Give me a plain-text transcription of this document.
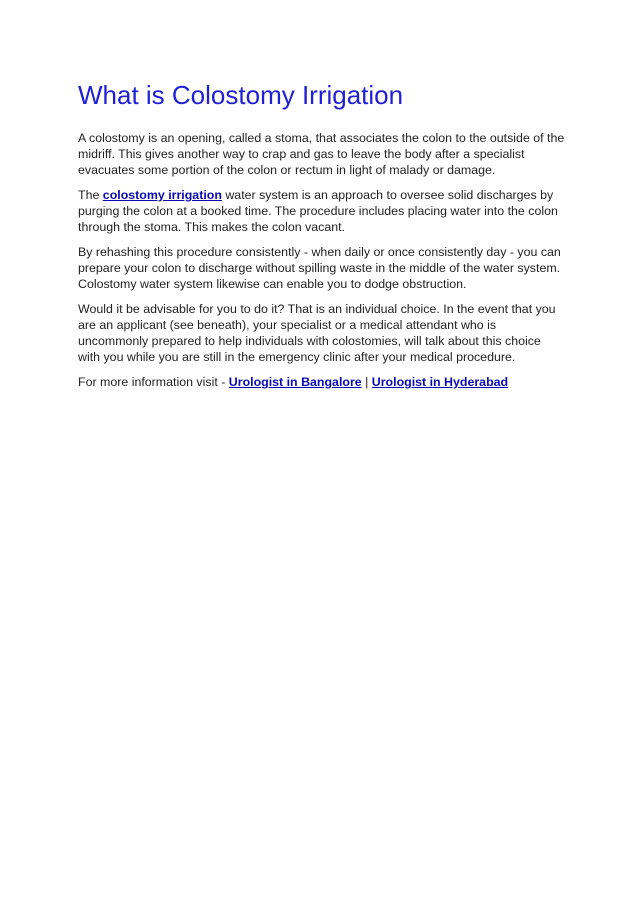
What is Colostomy Irrigation

A colostomy is an opening, called a stoma, that associates the colon to the outside of the midriff. This gives another way to crap and gas to leave the body after a specialist evacuates some portion of the colon or rectum in light of malady or damage.

The colostomy irrigation water system is an approach to oversee solid discharges by purging the colon at a booked time. The procedure includes placing water into the colon through the stoma. This makes the colon vacant.

By rehashing this procedure consistently - when daily or once consistently day - you can prepare your colon to discharge without spilling waste in the middle of the water system. Colostomy water system likewise can enable you to dodge obstruction.

Would it be advisable for you to do it? That is an individual choice. In the event that you are an applicant (see beneath), your specialist or a medical attendant who is uncommonly prepared to help individuals with colostomies, will talk about this choice with you while you are still in the emergency clinic after your medical procedure.

For more information visit - Urologist in Bangalore | Urologist in Hyderabad
